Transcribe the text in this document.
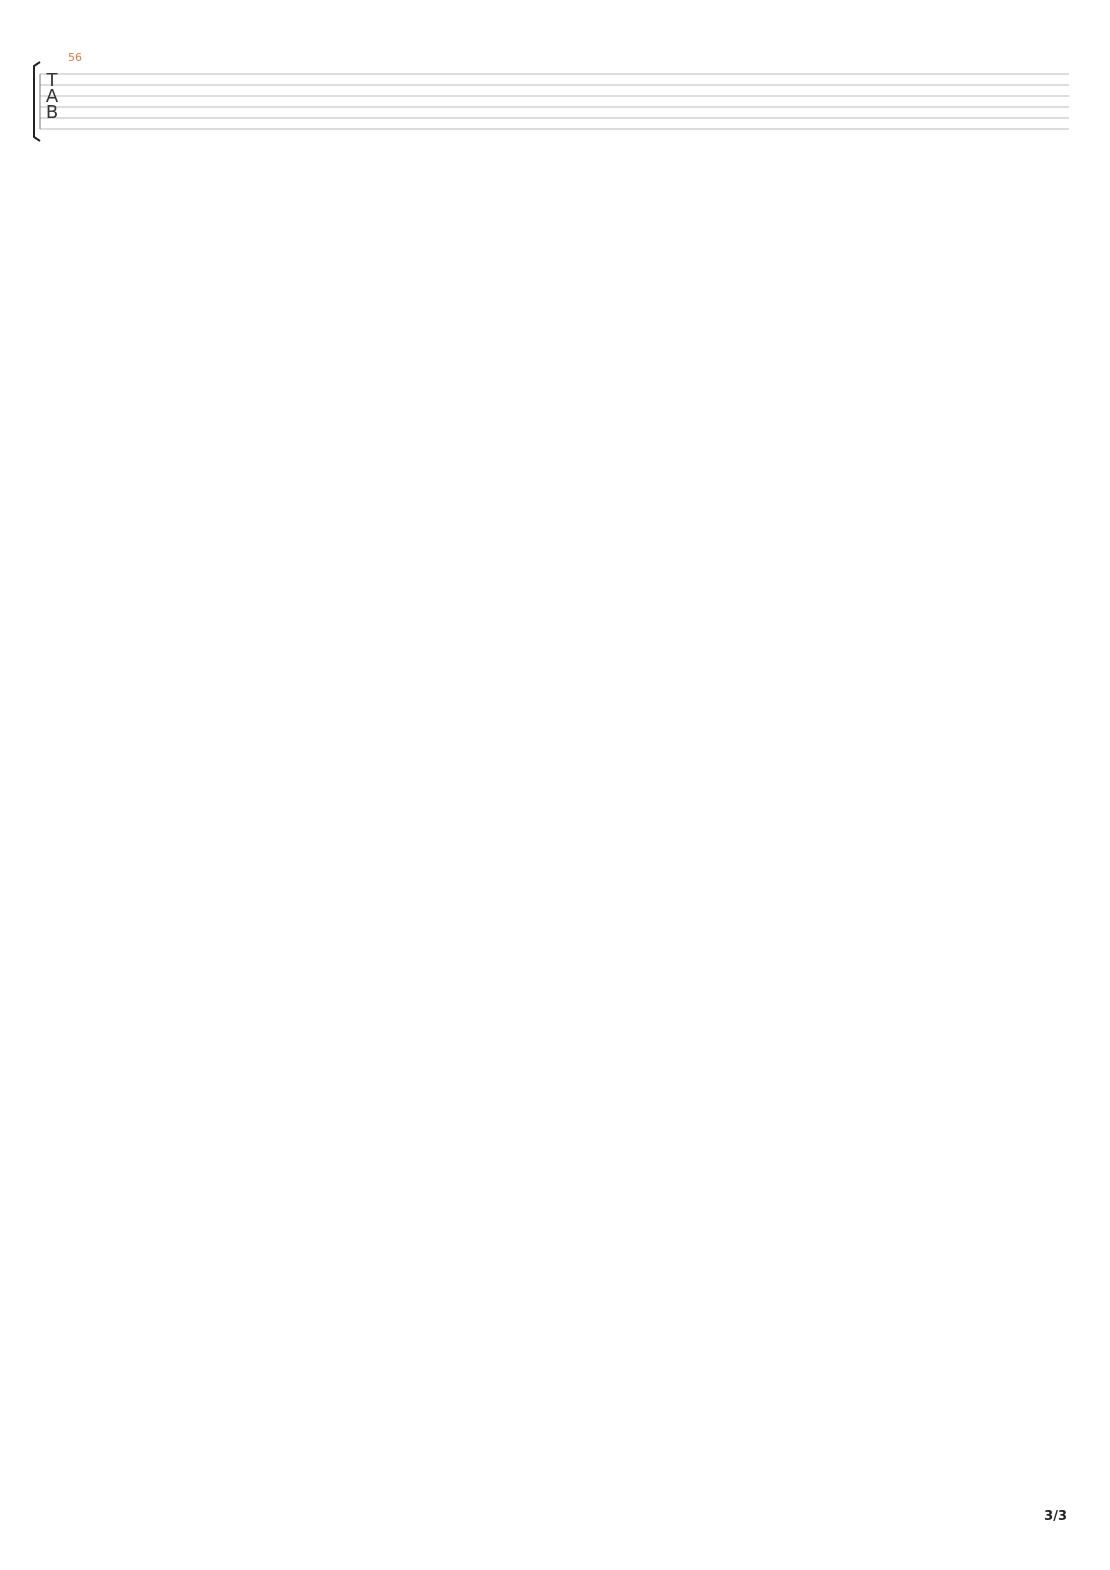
T
A
B
56
3/3
